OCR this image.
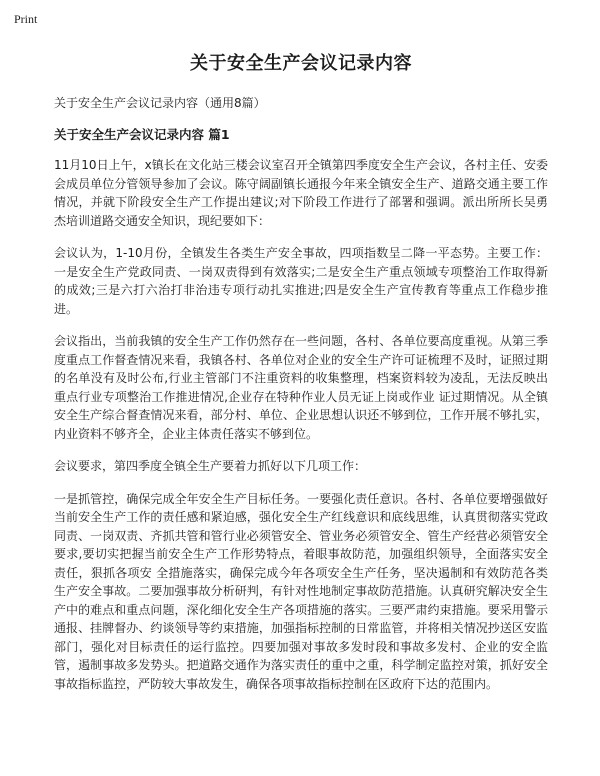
Print
关于安全生产会议记录内容

关于安全生产会议记录内容（通用8篇）

关于安全生产会议记录内容 篇1

11月10日上午，x镇长在文化站三楼会议室召开全镇第四季度安全生产会议，各村主任、安委会成员单位分管领导参加了会议。陈守阔副镇长通报今年来全镇安全生产、道路交通主要工作情况，并就下阶段安全生产工作提出建议;对下阶段工作进行了部署和强调。派出所所长吴勇杰培训道路交通安全知识，现纪要如下：

会议认为，1-10月份，全镇发生各类生产安全事故，四项指数呈二降一平态势。主要工作：一是安全生产党政同责、一岗双责得到有效落实;二是安全生产重点领域专项整治工作取得新的成效;三是六打六治打非治违专项行动扎实推进;四是安全生产宣传教育等重点工作稳步推进。

会议指出，当前我镇的安全生产工作仍然存在一些问题，各村、各单位要高度重视。从第三季度重点工作督查情况来看，我镇各村、各单位对企业的安全生产许可证梳理不及时，证照过期的名单没有及时公布,行业主管部门不注重资料的收集整理，档案资料较为凌乱，无法反映出重点行业专项整治工作推进情况,企业存在特种作业人员无证上岗或作业 证过期情况。从全镇安全生产综合督查情况来看，部分村、单位、企业思想认识还不够到位，工作开展不够扎实，内业资料不够齐全，企业主体责任落实不够到位。

会议要求，第四季度全镇全生产要着力抓好以下几项工作：

一是抓管控，确保完成全年安全生产目标任务。一要强化责任意识。各村、各单位要增强做好当前安全生产工作的责任感和紧迫感，强化安全生产红线意识和底线思维，认真贯彻落实党政同责、一岗双责、齐抓共管和管行业必须管安全、管业务必须管安全、管生产经营必须管安全要求,要切实把握当前安全生产工作形势特点，着眼事故防范，加强组织领导，全面落实安全责任，狠抓各项安 全措施落实，确保完成今年各项安全生产任务，坚决遏制和有效防范各类生产安全事故。二要加强事故分析研判，有针对性地制定事故防范措施。认真研究解决安全生产中的难点和重点问题，深化细化安全生产各项措施的落实。三要严肃约束措施。要采用警示通报、挂牌督办、约谈领导等约束措施，加强指标控制的日常监管，并将相关情况抄送区安监部门，强化对目标责任的运行监控。四要加强对事故多发时段和事故多发村、企业的安全监管，遏制事故多发势头。把道路交通作为落实责任的重中之重，科学制定监控对策，抓好安全事故指标监控，严防较大事故发生，确保各项事故指标控制在区政府下达的范围内。
